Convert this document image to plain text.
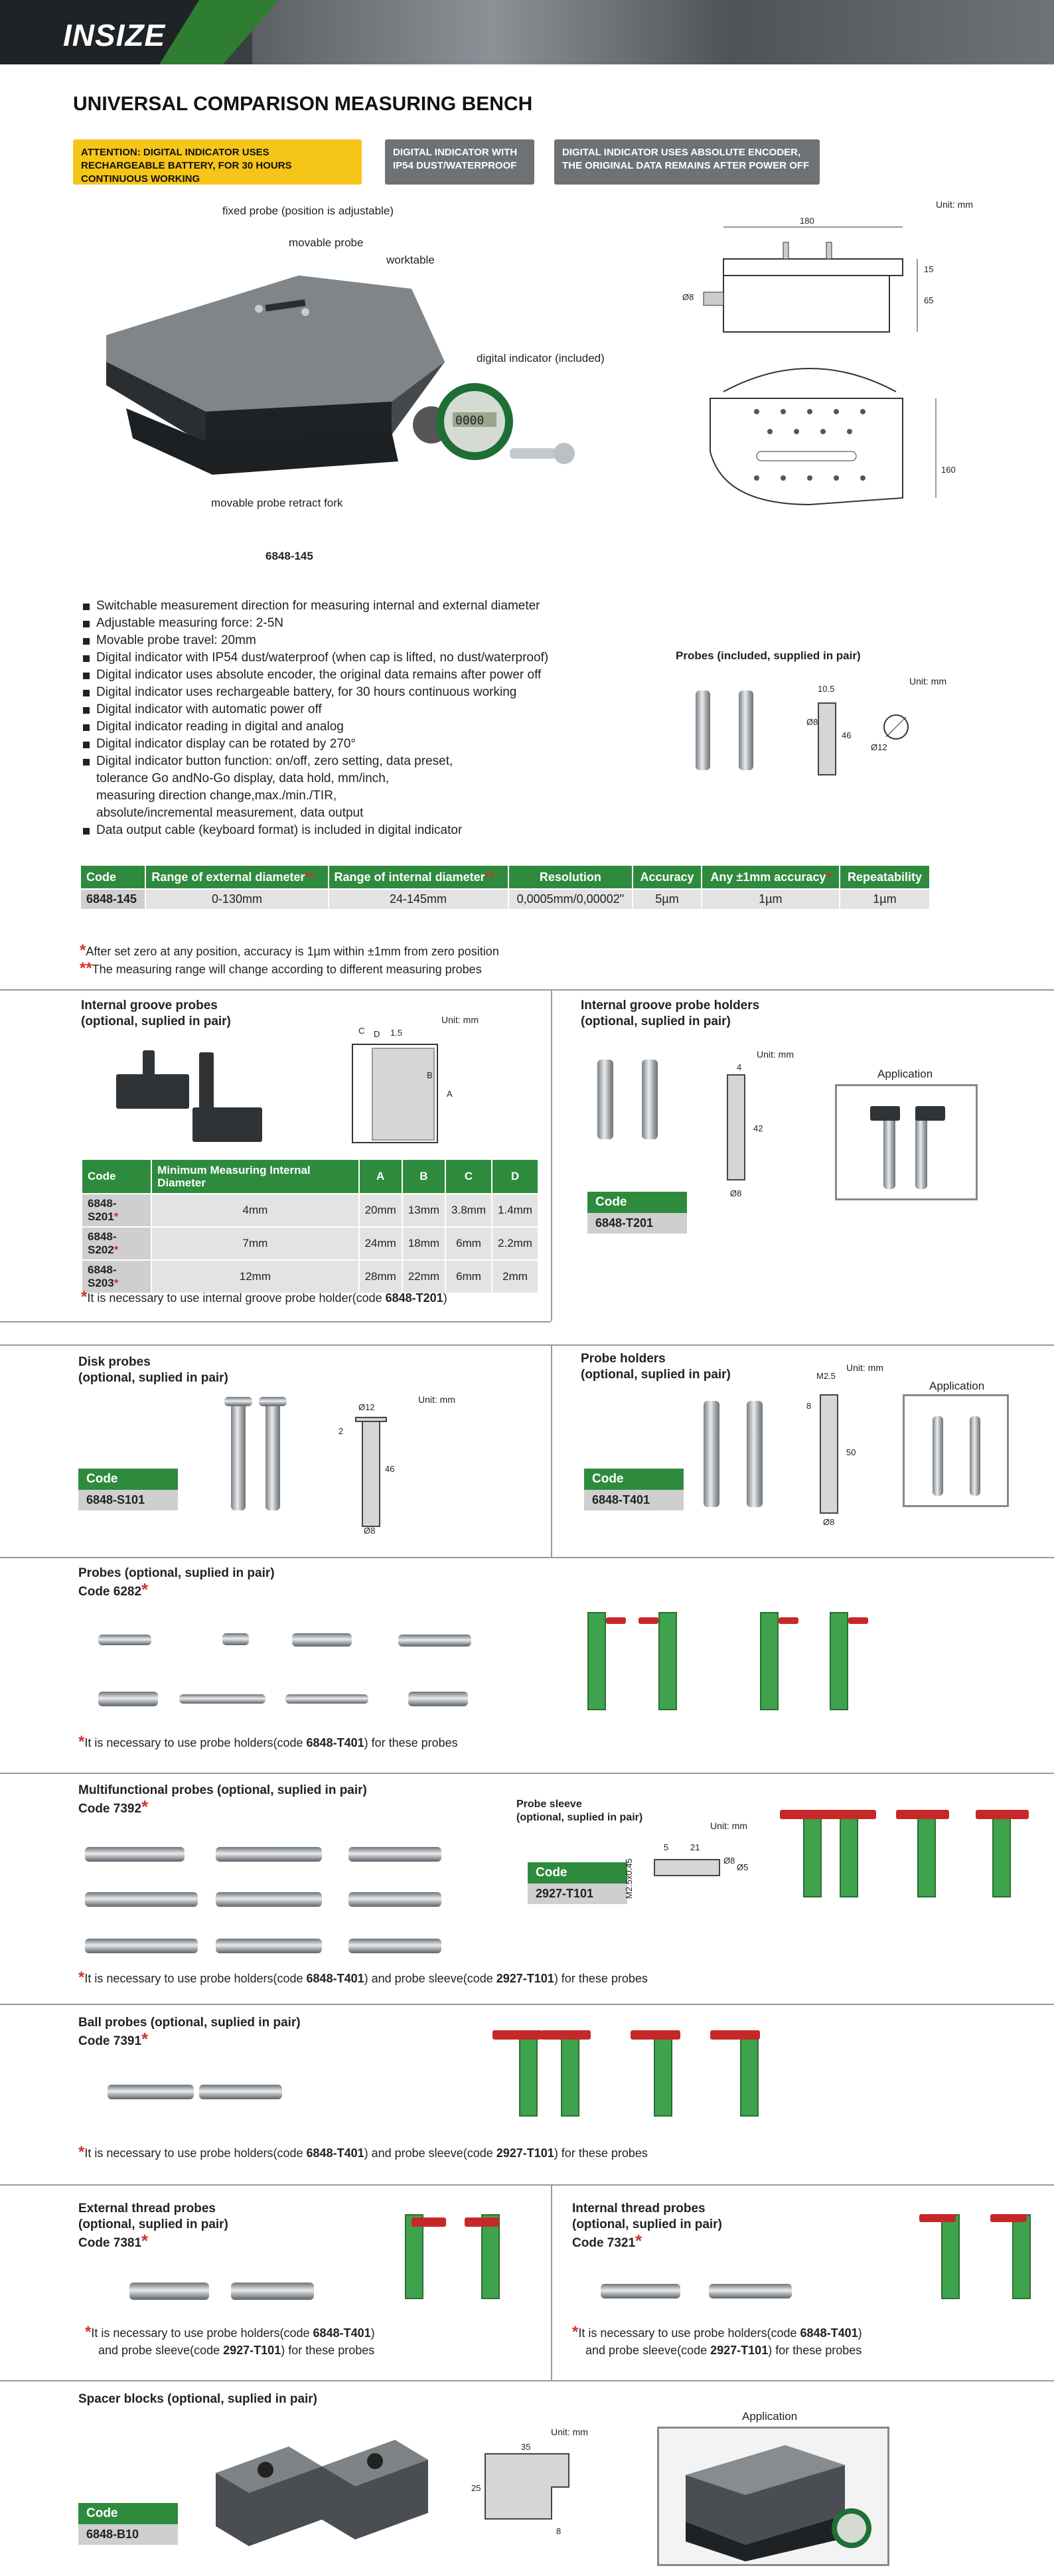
INSIZE
UNIVERSAL COMPARISON MEASURING BENCH
ATTENTION: DIGITAL INDICATOR USES RECHARGEABLE BATTERY, FOR 30 HOURS CONTINUOUS WORKING
DIGITAL INDICATOR WITH IP54 DUST/WATERPROOF
DIGITAL INDICATOR USES ABSOLUTE ENCODER, THE ORIGINAL DATA REMAINS AFTER POWER OFF
fixed probe (position is adjustable)
movable probe
worktable
digital indicator (included)
movable probe retract fork
0000
6848-145
Unit: mm
180
15
65
Ø8
160
Switchable measurement direction for measuring internal and external diameter
Adjustable measuring force: 2-5N
Movable probe travel: 20mm
Digital indicator with IP54 dust/waterproof (when cap is lifted, no dust/waterproof)
Digital indicator uses absolute encoder, the original data remains after power off
Digital indicator uses rechargeable battery, for 30 hours continuous working
Digital indicator with automatic power off
Digital indicator reading in digital and analog
Digital indicator display can be rotated by 270°
Digital indicator button function: on/off, zero setting, data preset,
tolerance Go andNo-Go display, data hold, mm/inch,
measuring direction change,max./min./TIR,
absolute/incremental measurement, data output
Data output cable (keyboard format) is included in digital indicator
Probes (included, supplied in pair)
Unit: mm
10.5
Ø8
46
Ø12
Code	Range of external diameter**	Range of internal diameter**	Resolution	Accuracy	Any ±1mm accuracy*	Repeatability
6848-145	0-130mm	24-145mm	0,0005mm/0,00002"	5µm	1µm	1µm
*After set zero at any position, accuracy is 1µm within ±1mm from zero position
**The measuring range will change according to different measuring probes
Internal groove probes
(optional, suplied in pair)	Unit: mm
C D 1.5
B
A
Code	Minimum Measuring Internal Diameter	A	B	C	D
6848-S201*	4mm	20mm	13mm	3.8mm	1.4mm
6848-S202*	7mm	24mm	18mm	6mm	2.2mm
6848-S203*	12mm	28mm	22mm	6mm	2mm
*It is necessary to use internal groove probe holder(code 6848-T201)
Internal groove probe holders
(optional, suplied in pair)
Unit: mm
4
42
Ø8
Code
6848-T201
Application
Disk probes
(optional, suplied in pair)
Unit: mm
Ø12
2
46
Ø8
Code
6848-S101
Probe holders
(optional, suplied in pair)	Unit: mm
M2.5
8
50
Ø8
Code
6848-T401
Application
Probes (optional, suplied in pair)
Code 6282*
*It is necessary to use probe holders(code 6848-T401) for these probes
Multifunctional probes (optional, suplied in pair)
Code 7392*
*It is necessary to use probe holders(code 6848-T401) and probe sleeve(code 2927-T101) for these probes
Probe sleeve
(optional, suplied in pair)
Unit: mm
Code
2927-T101
5	21
Ø8
Ø5
M2.5x0.45
Ball probes (optional, suplied in pair)
Code 7391*
*It is necessary to use probe holders(code 6848-T401) and probe sleeve(code 2927-T101) for these probes
External thread probes
(optional, suplied in pair)
Code 7381*
*It is necessary to use probe holders(code 6848-T401)
and probe sleeve(code 2927-T101) for these probes
Internal thread probes
(optional, suplied in pair)
Code 7321*
*It is necessary to use probe holders(code 6848-T401)
and probe sleeve(code 2927-T101) for these probes
Spacer blocks (optional, suplied in pair)
Unit: mm
35
25
8
Code
6848-B10
Application
